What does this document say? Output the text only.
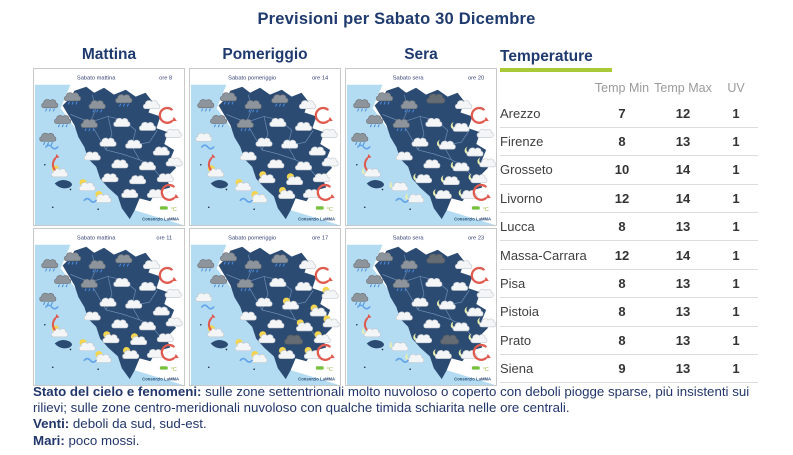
Previsioni per Sabato 30 Dicembre
Mattina	Pomeriggio	Sera
Sabato mattina	ore 8
°C
Consorzio LaMMA
Sabato pomeriggio	ore 14
°C
Consorzio LaMMA
Sabato sera	ore 20
°C
Consorzio LaMMA
Sabato mattina	ore 11
°C
Consorzio LaMMA
Sabato pomeriggio	ore 17
°C
Consorzio LaMMA
Sabato sera	ore 23
°C
Consorzio LaMMA
Temperature
Temp Min Temp Max	UV
Arezzo	7	12	1
Firenze	8	13	1
Grosseto	10	14	1
Livorno	12	14	1
Lucca	8	13	1
Massa-Carrara	12	14	1
Pisa	8	13	1
Pistoia	8	13	1
Prato	8	13	1
Siena	9	13	1

Stato del cielo e fenomeni: sulle zone settentrionali molto nuvoloso o coperto con deboli piogge sparse, più insistenti sui rilievi; sulle zone centro-meridionali nuvoloso con qualche timida schiarita nelle ore centrali.

Venti: deboli da sud, sud-est.

Mari: poco mossi.
